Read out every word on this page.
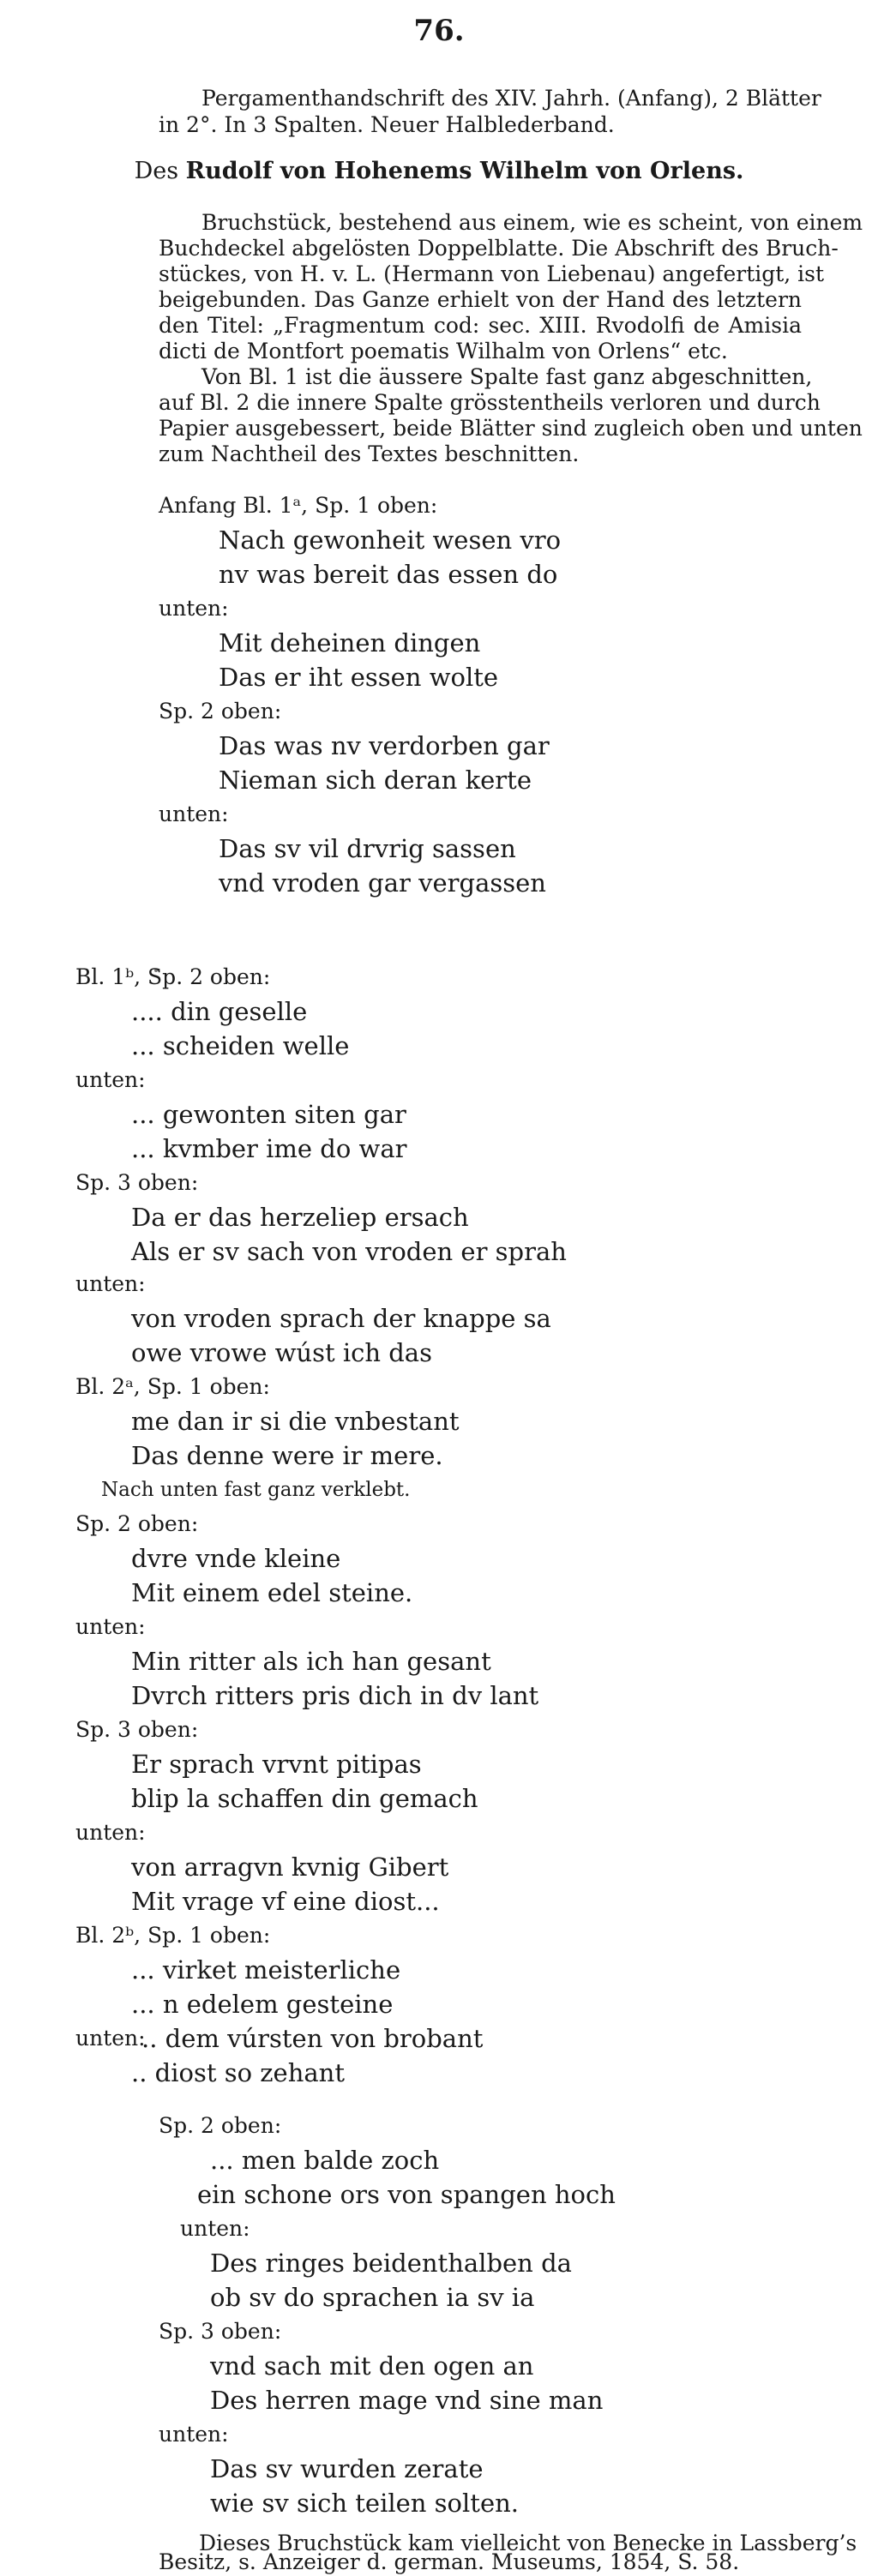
76.
Pergamenthandschrift des XIV. Jahrh. (Anfang), 2 Blätter
in 2°. In 3 Spalten. Neuer Halblederband.
Des Rudolf von Hohenems Wilhelm von Orlens.
Bruchstück, bestehend aus einem, wie es scheint, von einem
Buchdeckel abgelösten Doppelblatte. Die Abschrift des Bruch-
stückes, von H. v. L. (Hermann von Liebenau) angefertigt, ist
beigebunden. Das Ganze erhielt von der Hand des letztern
den Titel: „Fragmentum cod: sec. XIII. Rvodolfi de Amisia
dicti de Montfort poematis Wilhalm von Orlens“ etc.
Von Bl. 1 ist die äussere Spalte fast ganz abgeschnitten,
auf Bl. 2 die innere Spalte grösstentheils verloren und durch
Papier ausgebessert, beide Blätter sind zugleich oben und unten
zum Nachtheil des Textes beschnitten.
Anfang Bl. 1ᵃ, Sp. 1 oben:
Nach gewonheit wesen vro
nv was bereit das essen do
unten:
Mit deheinen dingen
Das er iht essen wolte
Sp. 2 oben:
Das was nv verdorben gar
Nieman sich deran kerte
unten:
Das sv vil drvrig sassen
vnd vroden gar vergassen
Bl. 1ᵇ, Sp. 2 oben:
.... din geselle
... scheiden welle
unten:
... gewonten siten gar
... kvmber ime do war
Sp. 3 oben:
Da er das herzeliep ersach
Als er sv sach von vroden er sprah
unten:
von vroden sprach der knappe sa
owe vrowe wúst ich das
Bl. 2ᵃ, Sp. 1 oben:
me dan ir si die vnbestant
Das denne were ir mere.
Nach unten fast ganz verklebt.
Sp. 2 oben:
dvre vnde kleine
Mit einem edel steine.
unten:
Min ritter als ich han gesant
Dvrch ritters pris dich in dv lant
Sp. 3 oben:
Er sprach vrvnt pitipas
blip la schaffen din gemach
unten:
von arragvn kvnig Gibert
Mit vrage vf eine diost...
Bl. 2ᵇ, Sp. 1 oben:
... virket meisterliche
... n edelem gesteine
unten:
.. dem vúrsten von brobant
.. diost so zehant
Sp. 2 oben:
... men balde zoch
ein schone ors von spangen hoch
unten:
Des ringes beidenthalben da
ob sv do sprachen ia sv ia
Sp. 3 oben:
vnd sach mit den ogen an
Des herren mage vnd sine man
unten:
Das sv wurden zerate
wie sv sich teilen solten.
Dieses Bruchstück kam vielleicht von Benecke in Lassberg’s
Besitz, s. Anzeiger d. german. Museums, 1854, S. 58.
